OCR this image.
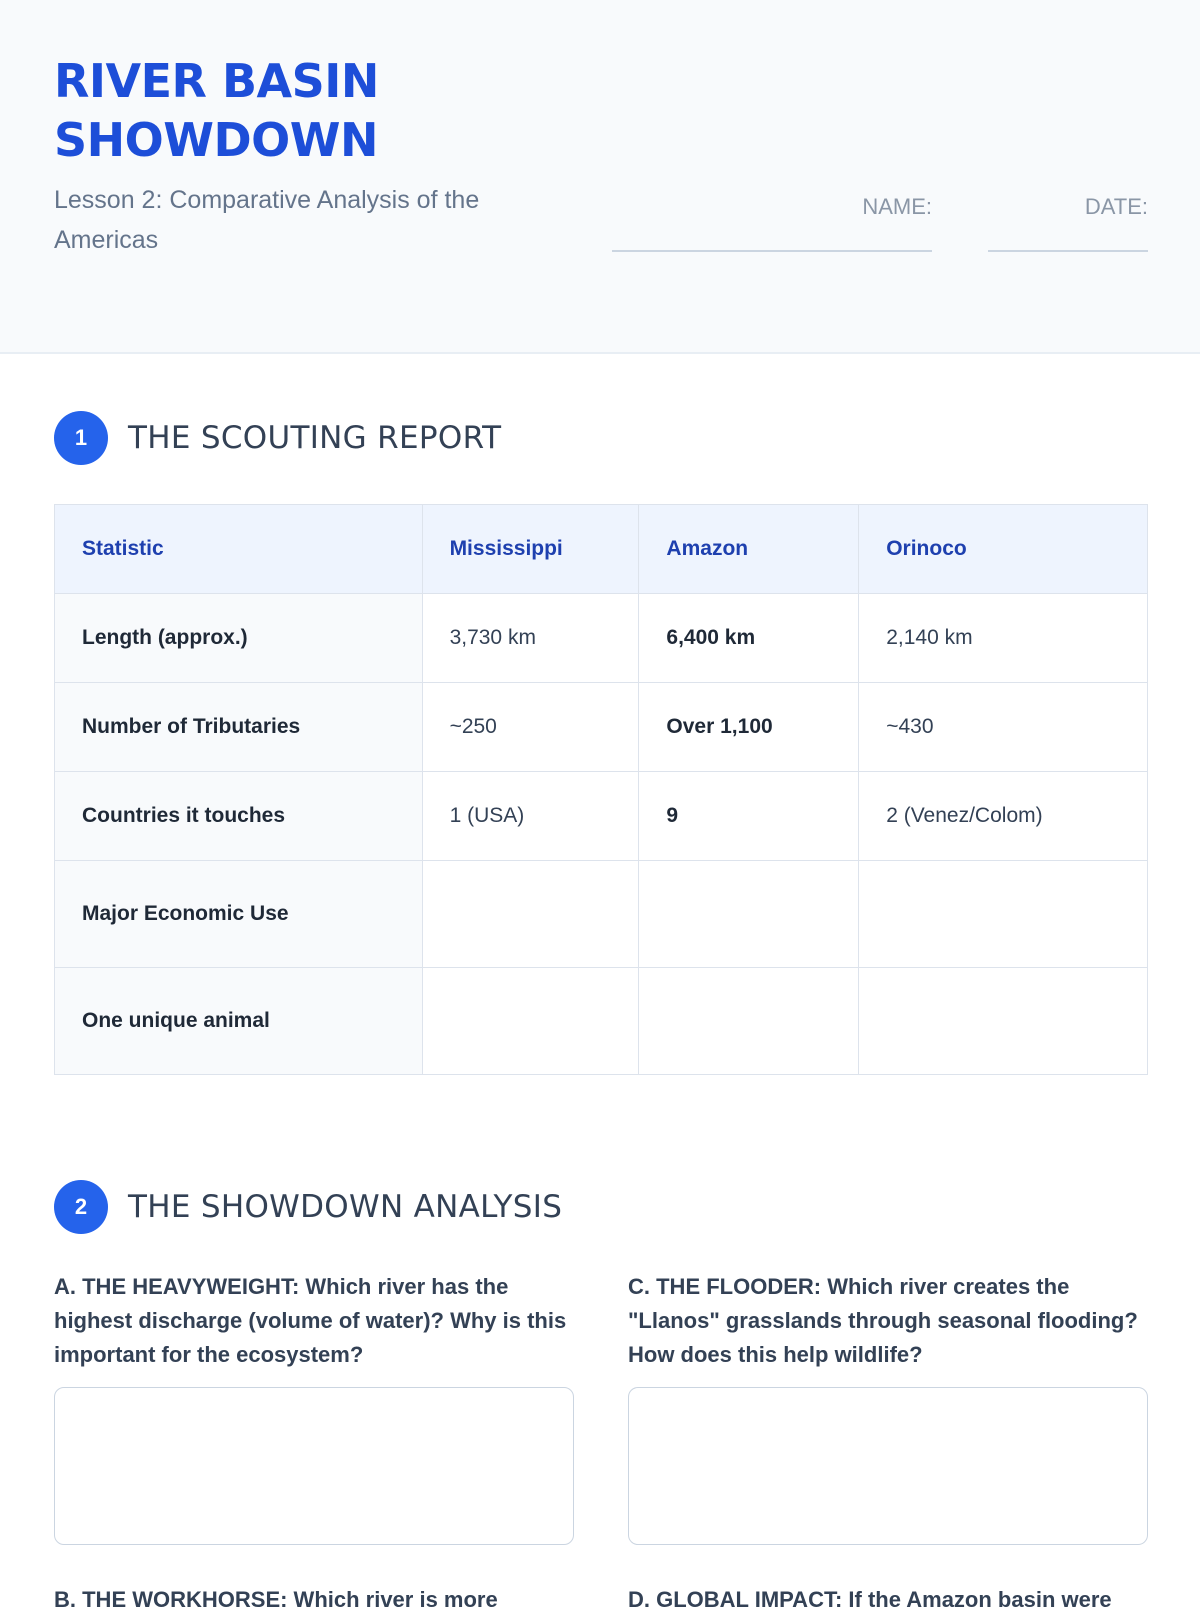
RIVER BASIN
SHOWDOWN
Lesson 2: Comparative Analysis of the Americas
NAME:	DATE:
1	THE SCOUTING REPORT
Statistic	Mississippi	Amazon	Orinoco
Length (approx.)	3,730 km	6,400 km	2,140 km
Number of Tributaries	~250	Over 1,100	~430
Countries it touches	1 (USA)	9	2 (Venez/Colom)
Major Economic Use			
One unique animal			
2	THE SHOWDOWN ANALYSIS
A. THE HEAVYWEIGHT: Which river has the highest discharge (volume of water)? Why is this important for the ecosystem?
C. THE FLOODER: Which river creates the "Llanos" grasslands through seasonal flooding? How does this help wildlife?
B. THE WORKHORSE: Which river is more	D. GLOBAL IMPACT: If the Amazon basin were
